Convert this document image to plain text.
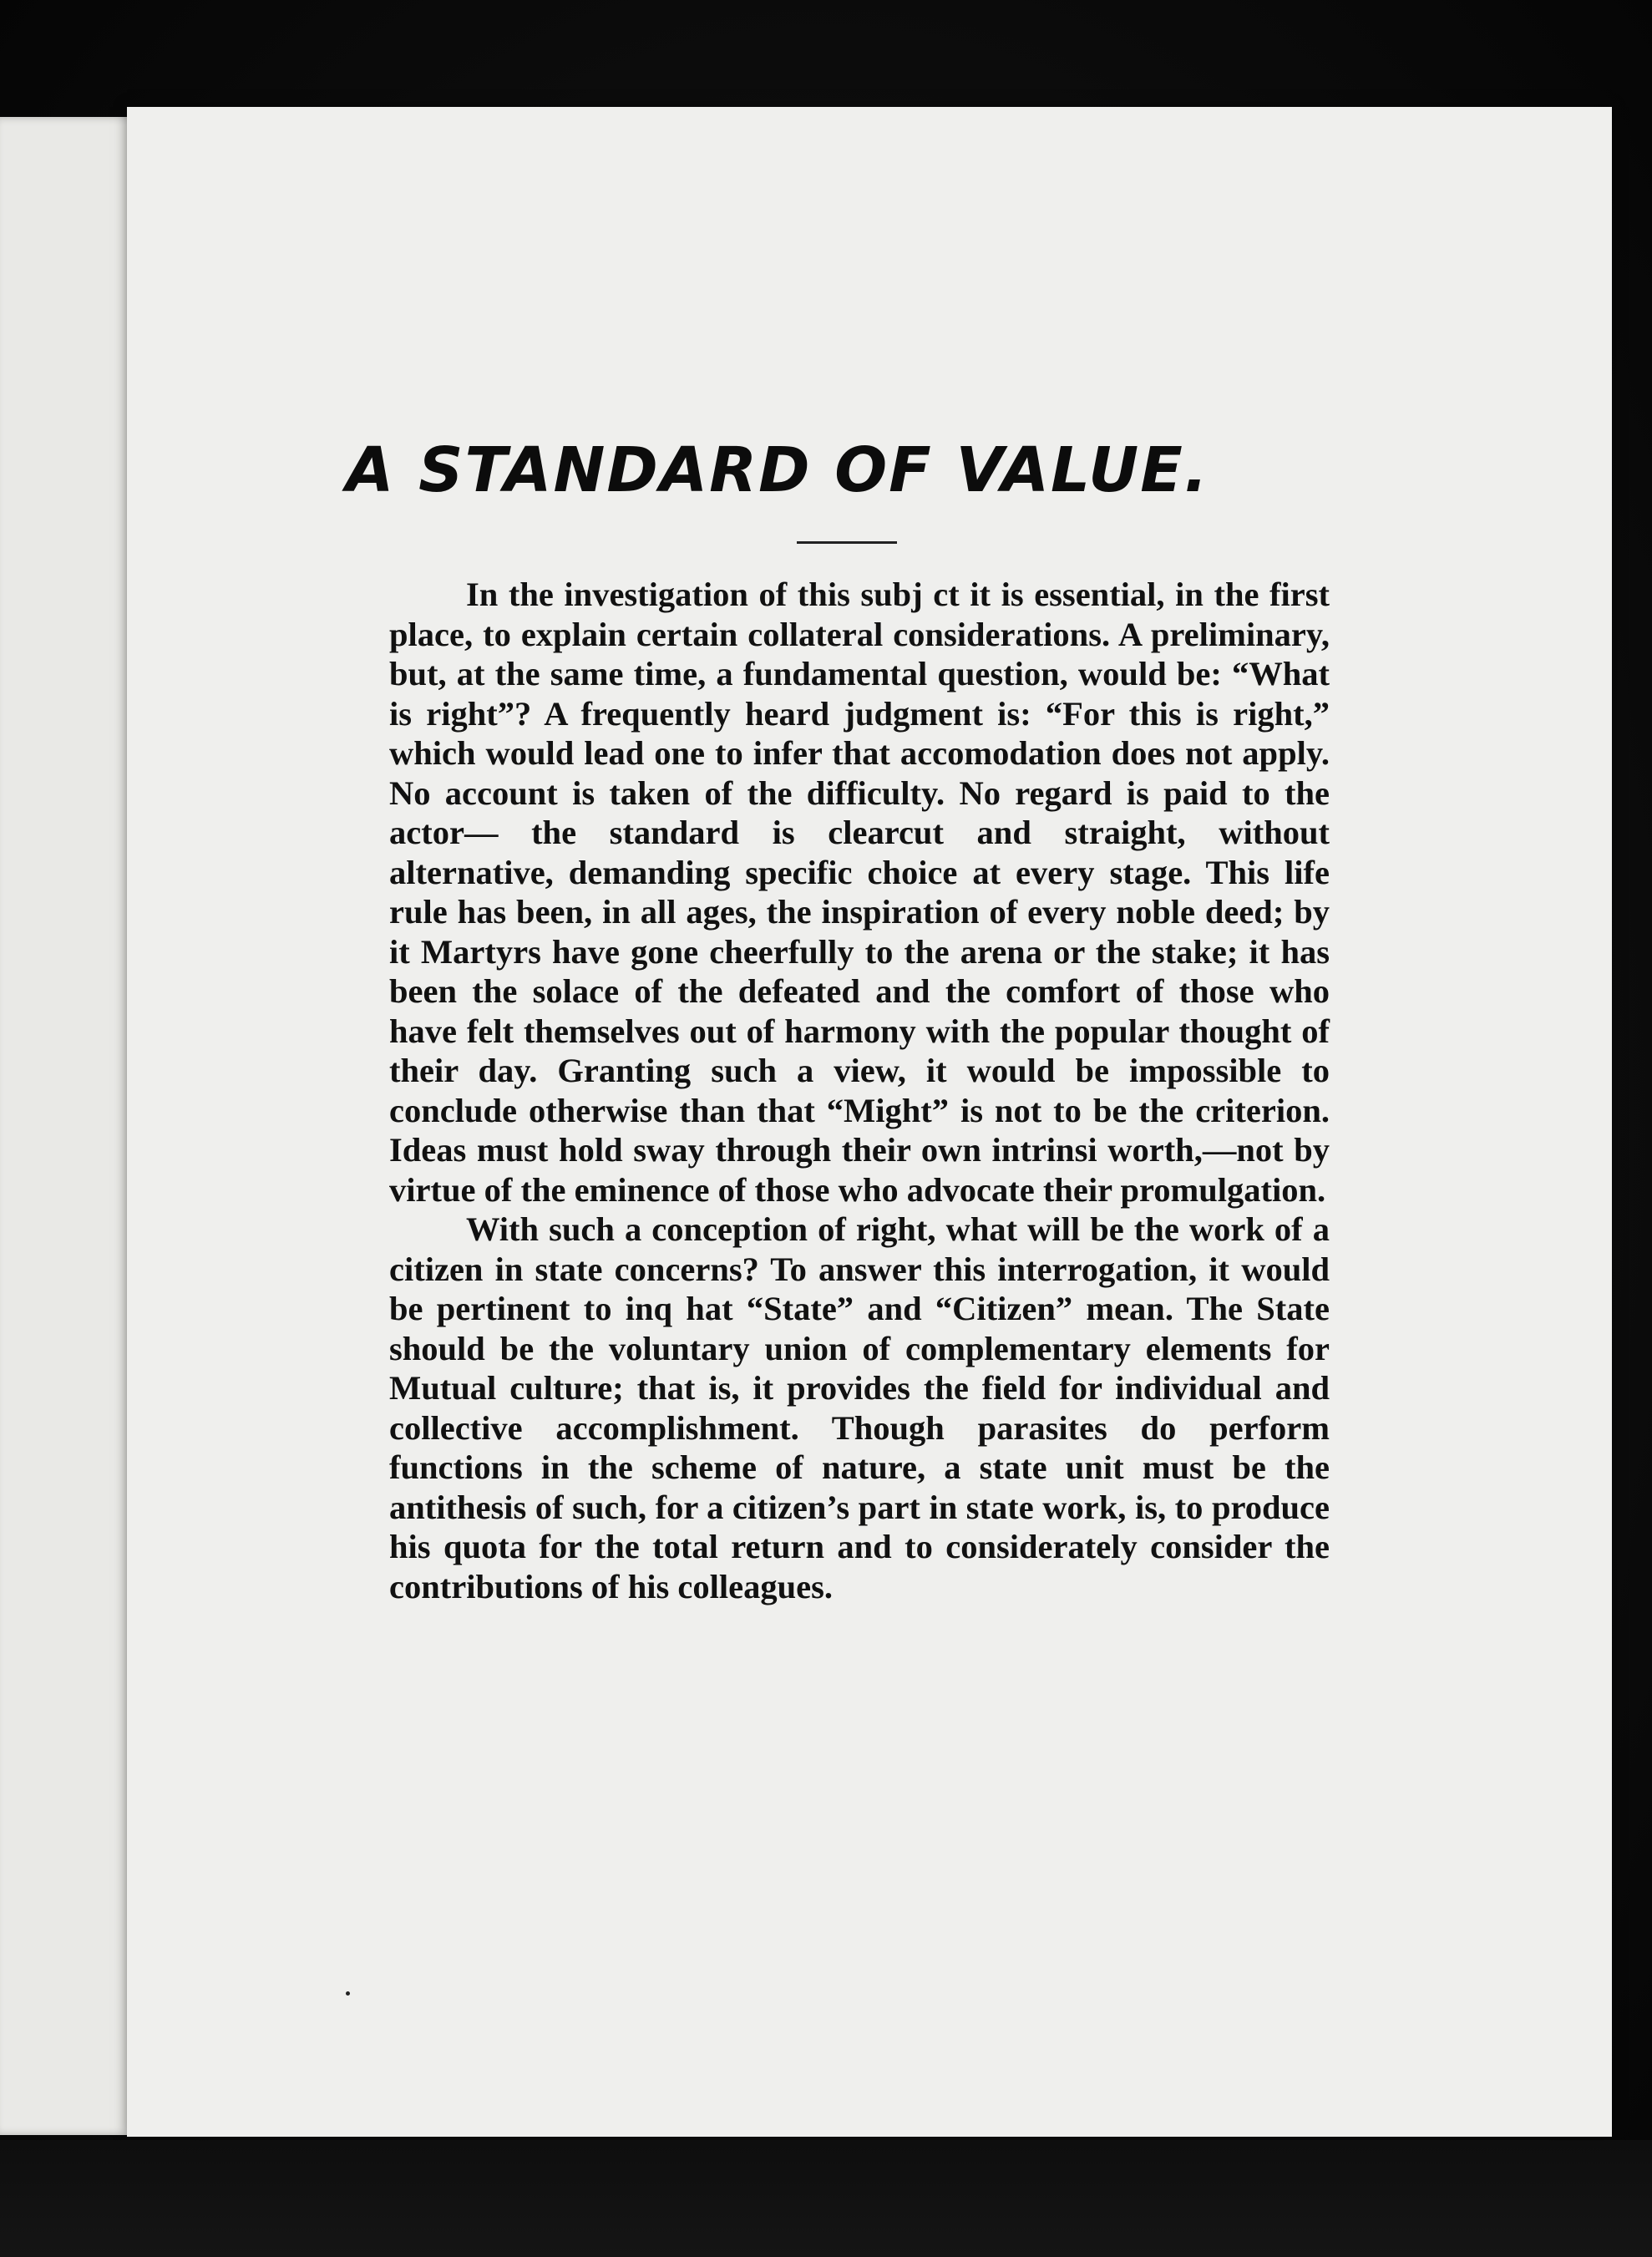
A STANDARD OF VALUE.

In the investigation of this subj ct it is essential, in the first place, to explain certain collateral considerations. A preliminary, but, at the same time, a fundamental question, would be: “What is right”? A frequently heard judgment is: “For this is right,” which would lead one to infer that accomodation does not apply. No account is taken of the difficulty. No regard is paid to the actor— the standard is clearcut and straight, without alternative, demanding specific choice at every stage. This life rule has been, in all ages, the inspiration of every noble deed; by it Martyrs have gone cheerfully to the arena or the stake; it has been the solace of the defeated and the comfort of those who have felt themselves out of harmony with the popular thought of their day. Granting such a view, it would be impossible to conclude otherwise than that “Might” is not to be the criterion. Ideas must hold sway through their own intrinsi worth,—not by virtue of the eminence of those who advocate their promulgation.

With such a conception of right, what will be the work of a citizen in state concerns? To answer this interrogation, it would be pertinent to inq hat “State” and “Citizen” mean. The State should be the voluntary union of complementary elements for Mutual culture; that is, it provides the field for individual and collective accomplishment. Though parasites do perform functions in the scheme of nature, a state unit must be the antithesis of such, for a citizen’s part in state work, is, to produce his quota for the total return and to considerately consider the contributions of his colleagues.
